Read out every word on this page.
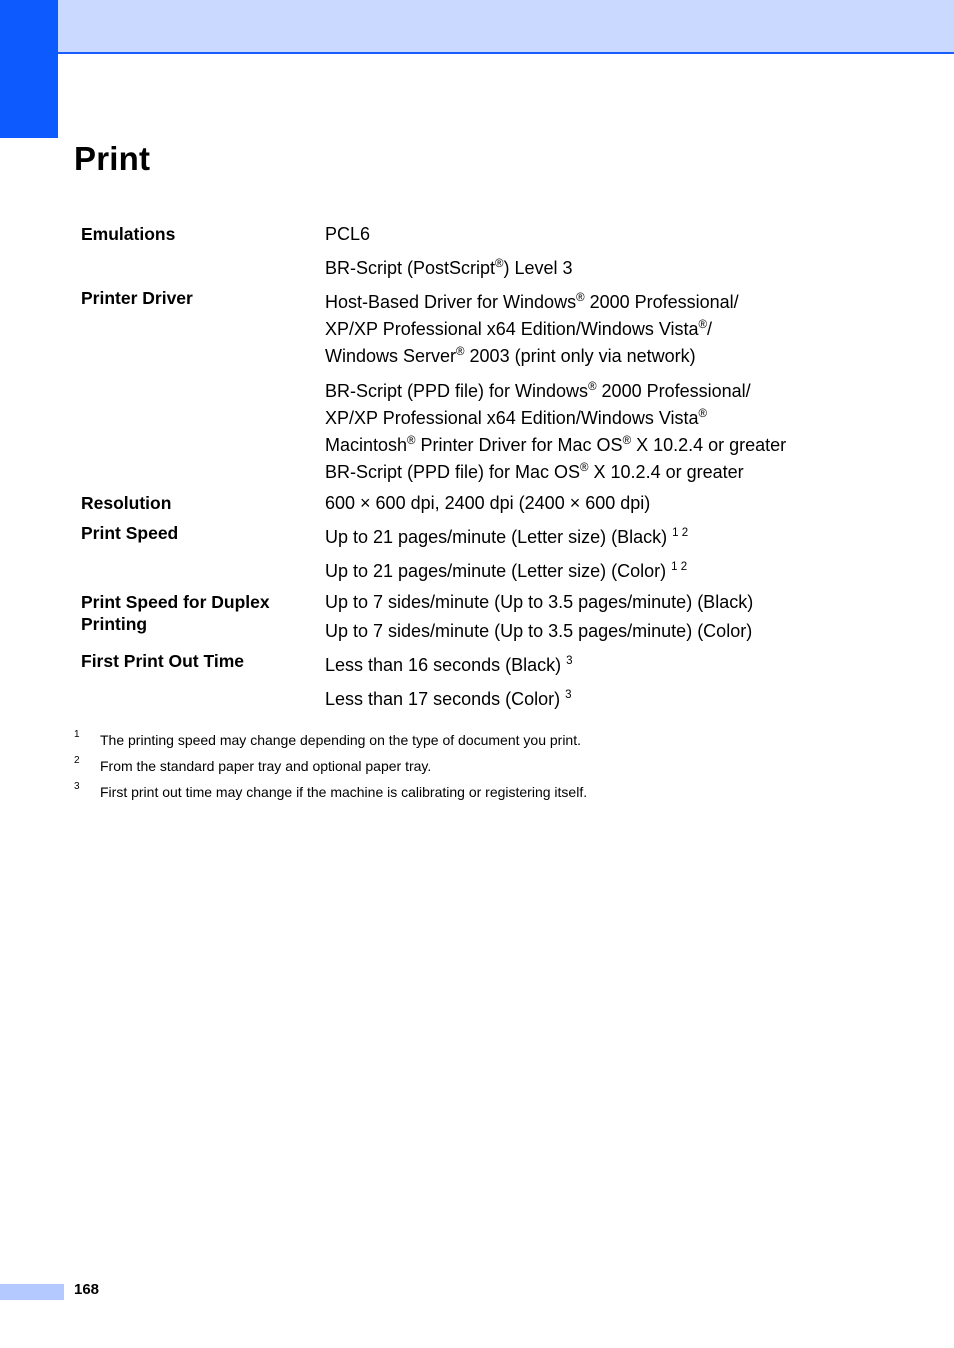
Print

Emulations

Printer Driver

Resolution

Print Speed

Print Speed for Duplex
Printing

First Print Out Time

PCL6

BR-Script (PostScript®) Level 3

Host-Based Driver for Windows® 2000 Professional/
XP/XP Professional x64 Edition/Windows Vista®/
Windows Server® 2003 (print only via network)

BR-Script (PPD file) for Windows® 2000 Professional/
XP/XP Professional x64 Edition/Windows Vista®
Macintosh® Printer Driver for Mac OS® X 10.2.4 or greater
BR-Script (PPD file) for Mac OS® X 10.2.4 or greater

600 × 600 dpi, 2400 dpi (2400 × 600 dpi)

Up to 21 pages/minute (Letter size) (Black) $^{1 2}$

Up to 21 pages/minute (Letter size) (Color) $^{1 2}$

Up to 7 sides/minute (Up to 3.5 pages/minute) (Black)

Up to 7 sides/minute (Up to 3.5 pages/minute) (Color)

Less than 16 seconds (Black) $^3$

Less than 17 seconds (Color) $^3$

1 The printing speed may change depending on the type of document you print.
2 From the standard paper tray and optional paper tray.
3 First print out time may change if the machine is calibrating or registering itself.
168
